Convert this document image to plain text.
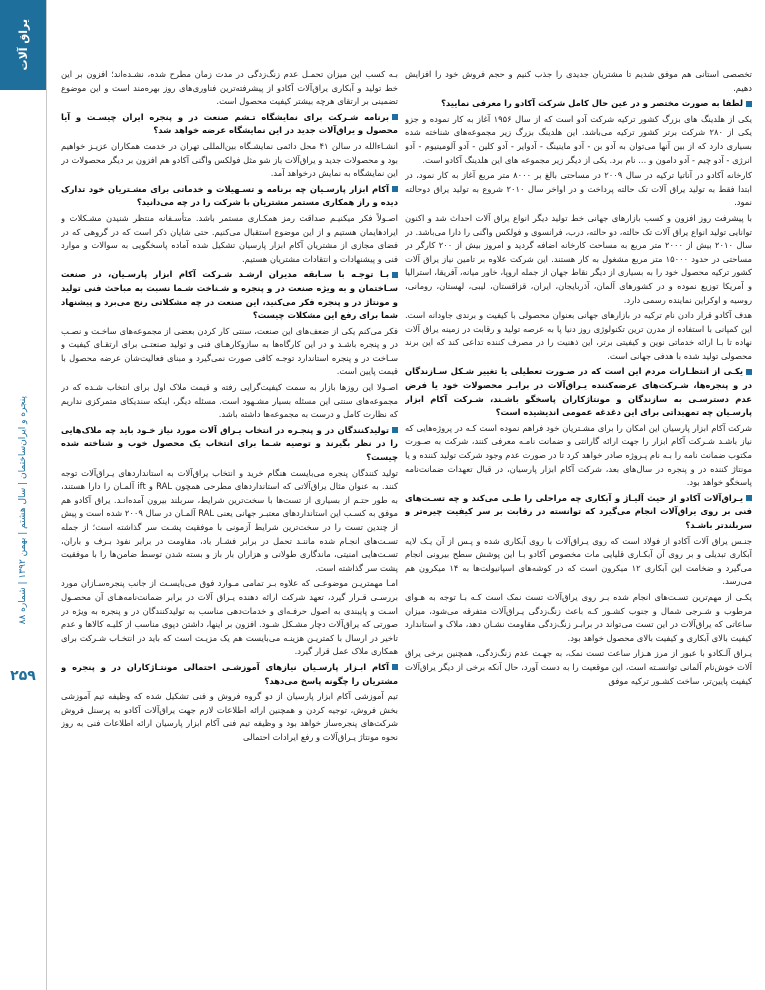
یراق آلات
پنجره و ایران‌ساختمان | سال هشتم | بهمن ۱۳۹۲ | شماره ۸۸
۲۵۹

تخصصی استانی هم موفق شدیم تا مشتریان جدیدی را جذب کنیم و حجم فروش خود را افزایش دهیم.

لطفا به صورت مختصر و در عین حال کامل شرکت آکادو را معرفی نمایید؟

یکی از هلدینگ های بزرگ کشور ترکیه شرکت آدو است که از سال ۱۹۵۶ آغاز به کار نموده و جزو یکی از ۲۸۰ شرکت برتر کشور ترکیه می‌باشد. این هلدینگ بزرگ زیر مجموعه‌های شناخته شده بسیاری دارد که از بین آنها می‌توان به آدو بن - آدو ماینینگ - آدوایر - آدو کلین - آدو آلومینیوم - آدو انرژی - آدو چیم - آدو دامون و ... نام برد. یکی از دیگر زیر مجموعه های این هلدینگ آکادو است.

کارخانه آکادو در آناتیا ترکیه در سال ۲۰۰۹ در مساحتی بالغ بر ۸۰۰۰ متر مربع آغاز به کار نمود، در ابتدا فقط به تولید یراق آلات تک حالته پرداخت و در اواخر سال ۲۰۱۰ شروع به تولید یراق دوحالته نمود.

با پیشرفت روز افزون و کسب بازارهای جهانی خط تولید دیگر انواع یراق آلات احداث شد و اکنون توانایی تولید انواع یراق آلات تک حالته، دو حالته، درب، فرانسوی و فولکس واگنی را دارا می‌باشد. در سال ۲۰۱۰ بیش از ۲۰۰۰ متر مربع به مساحت کارخانه اضافه گردید و امروز بیش از ۲۰۰ کارگر در مساحتی در حدود ۱۵۰۰۰ متر مربع مشغول به کار هستند. این شرکت علاوه بر تامین نیاز یراق آلات کشور ترکیه محصول خود را به بسیاری از دیگر نقاط جهان از جمله اروپا، خاور میانه، آفریقا، استرالیا و آمریکا توزیع نموده و در کشورهای آلمان، آذربایجان، ایران، قزاقستان، لیبی، لهستان، رومانی، روسیه و اوکراین نماینده رسمی دارد.

هدف آکادو قرار دادن نام ترکیه در بازارهای جهانی بعنوان محصولی با کیفیت و برندی جاودانه است. این کمپانی با استفاده از مدرن ترین تکنولوژی روز دنیا پا به عرصه تولید و رقابت در زمینه یراق آلات نهاده تا بـا ارائه خدماتی نوین و کیفیتی برتر، این ذهنیت را در مصرف کننده تداعی کند که این برند محصولی تولید شده با هدفی جهانی است.

یکـی از انتظـارات مردم این است که در صـورت تعطیلی یا تغییر شـکل سـازندگان در و پنجره‌ها، شـرکت‌های عرضه‌کننده یـراق‌آلات در برابـر محصولات خود یا فرض عدم دسترسـی به سازندگان و مونتاژکاران پاسخگو باشـند، شـرکت آکام ابزار پارسـیان چه تمهیداتی برای این دغدغه عمومی اندیشیده است؟

شرکت آکام ابزار پارسیان این امکان را برای مشـتریان خود فراهم نموده است کـه در پروژه‌هایی که نیاز باشـد شـرکت آکام ابزار را جهت ارائه گارانتی و ضمانت نامـه معرفی کنند، شرکت به صـورت مکتوب ضمانت نامه را بـه نام پـروژه صادر خواهد کرد تا در صورت عدم وجود شرکت تولید کننده و یا مونتاژ کننده در و پنجره در سال‌های بعد، شرکت آکام ابزار پارسیان، در قبال تعهدات ضمانت‌نامه پاسخگو خواهد بود.

یـراق‌آلات آکادو از حیث آلیـاژ و آبکاری چه مراحلی را طـی می‌کند و چه تسـت‌های فنی بر روی یراق‌آلات انجام می‌گیرد که توانسته در رقابت بر سر کیفیت چیره‌تر و سربلندتر باشـد؟

جنـس یراق آلات آکادو از فولاد است که روی یـراق‌آلات با روی آبکاری شده و پـس از آن یـک لایه آبکاری تبدیلی و بر روی آن آبکـاری قلیایی مات مخصوص آکادو بـا این پوشش سطح بیرونی انجام می‌گیرد و ضخامت این آبکاری ۱۲ میکرون است که در کوشه‌های اسپانیولت‌ها به ۱۴ میکرون هم می‌رسد.

یکـی از مهم‌ترین تسـت‌های انجام شده بـر روی یراق‌آلات تست نمک است کـه بـا توجه به هـوای مرطوب و شـرجی شمال و جنوب کشـور کـه باعث زنگ‌زدگی یـراق‌آلات متفرقه می‌شود، میزان ساعاتی که یراق‌آلات در این تست می‌تواند در برابـر زنگ‌زدگی مقاومت نشـان دهد، ملاک و استاندارد کیفیت بالای آبکاری و کیفیت بالای محصول خواهد بود.

یـراق آلـکادو با عبور از مرز هـزار ساعت تست نمک، به جهـت عدم زنگ‌زدگی، همچنین برخی یراق آلات خوش‌نام آلمانی توانسـته است، این موقعیت را به دست آورد، حال آنکه برخی از دیگر یراق‌آلات کیفیت پایین‌تر، ساخت کشـور ترکیه موفق

بـه کسب این میزان تحمـل عدم زنگ‌زدگی در مدت زمان مطرح شده، نشـده‌اند؛ افزون بر این خط تولید و آبکاری یراق‌آلات آکادو از پیشرفته‌ترین فناوری‌های روز بهره‌مند است و این موضوع تضمینی بر ارتقای هرچه بیشتر کیفیت محصول است.

برنامه شـرکت برای نمایشگاه تـشم صنعت در و پنجره ایران چیسـت و آیا محصول و یراق‌آلات جدید در این نمایشگاه عرضه خواهد شد؟

انشـاءالله در سالن ۴۱ محل دائمی نمایشـگاه بین‌المللی تهران در خدمت همکاران عزیـز خواهیم بود و محصولات جدید و یراق‌آلات باز شو مثل فولکس واگنی آکادو هم افزون بر دیگر محصولات در این نمایشگاه به نمایش درخواهد آمد.

آکام ابزار پارسـیان چه برنامه و تسـهیلات و خدماتی برای مشـتریان خود تدارک دیده و راز همکاری مستمر مشتریان با شرکت را در چه می‌دانید؟

اصـولاً فکر میکنیـم صداقت رمز همکـاری مستمر باشد. متأسـفانه منتظر شنیدن مشـکلات و ایرادهایمان هستیم و از این موضوع استقبال می‌کنیم. حتی شایان ذکر است که در گروهی که در فضای مجازی از مشتریان آکام ابزار پارسیان تشکیل شده آماده پاسخگویی به سوالات و موارد فنی و پیشنهادات و انتقادات مشتریان هستیم.

بـا توجـه با سـابقه مدیران ارشـد شـرکت آکام ابزار پارسـیان، در صنعت سـاختمان و به ویژه صنعت در و پنجره و شـناخت شـما نسبت به مباحث فنی تولید و مونتاژ در و پنجره فکر می‌کنید، این صنعت در چه مشکلاتی رنج می‌برد و پیشنهاد شما برای رفع این مشکلات چیست؟

فکر می‌کنم یکی از ضعف‌های این صنعت، سنتی کار کردن بعضی از مجموعه‌های ساخـت و نصـب در و پنجره باشـد و در این کارگاه‌ها به سازوکارهـای فنی و تولید صنعتـی برای ارتقـای کیفیت و سـاخت در و پنجره استاندارد توجـه کافی صورت نمی‌گیرد و مبنای فعالیت‌شان عرضه محصول با قیمت پایین است.

اصـولا این روزها بازار به سمت کیفیت‌گرایی رفته و قیمت ملاک اول برای انتخاب شـده که در مجموعه‌های سنتی این مسئله بسیار مشـهود است. مسئله دیگر، اینکه سندیکای متمرکزی نداریم که نظارت کامل و درست به مجموعه‌ها داشته باشد.

تولیدکنندگان در و پنجـره در انتخاب یـراق آلات مورد نیاز خـود باید چه ملاک‌هایی را در نظر بگیرند و توصیه شـما برای انتخاب یک محصول خوب و شناخته شده چیست؟

تولید کنندگان پنجره می‌بایست هنگام خرید و انتخاب یراق‌آلات به استانداردهای یـراق‌آلات توجه کنند. به عنوان مثال یراق‌آلاتی که استانداردهای مطرحی همچون RAL و ift آلمـان را دارا هستند، به طور حتـم از بسیاری از تست‌ها با سخت‌ترین شرایط، سربلند بیرون آمده‌انـد. یراق آکادو هم موفق به کسـب این استانداردهای معتبـر جهانی یعنی RAL آلمـان در سال ۲۰۰۹ شده است و پیش از چندین تست را در سخت‌ترین شرایط آزمونی با موفقیت پشـت سر گذاشته است؛ از جمله تسـت‌های انجـام شده ماننـد تحمل در برابر فشـار باد، مقاومت در برابر نفوذ بـرف و باران، تسـت‌هایی امنیتی، ماندگاری طولانی و هزاران بار باز و بسته شدن توسط ضامن‌ها را با موفقیت پشت سر گذاشته است.

امـا مهمتریـن موضوعـی که علاوه بـر تمامی مـوارد فوق می‌بایسـت از جانب پنجره‌سـازان مورد بررسـی قـرار گیرد، تعهد شرکت ارائه دهنده یـراق آلات در برابر ضمانت‌نامه‌هـای آن محصـول اسـت و پایبندی به اصول حرفـه‌ای و خدمات‌دهی مناسب به تولیدکنندگان در و پنجره به ویژه در صورتی که یراق‌آلات دچار مشـکل شـود. افزون بر اینها، داشتن دپوی مناسب از کلیـه کالاها و عدم تاخیر در ارسال با کمتریـن هزینـه می‌بایست هم یک مزیـت است که باید در انتخـاب شـرکت برای همکاری ملاک عمل قرار گیرد.

آکام ابـزار پارسـیان نیازهای آموزشـی احتمالی مونتـاژکاران در و پنجره و مشتریان را چگونه پاسخ می‌دهد؟

تیم آموزشی آکام ابزار پارسیان از دو گروه فروش و فنی تشکیل شده که وظیفه تیم آموزشی بخش فروش، توجیه کردن و همچنین ارائه اطلاعات لازم جهت یراق‌آلات آکادو به پرسنل فروش شرکت‌های پنجره‌ساز خواهد بود و وظیفه تیم فنی آکام ابزار پارسیان ارائه اطلاعات فنی به روز نحوه مونتاژ یـراق‌آلات و رفع ایرادات احتمالی
